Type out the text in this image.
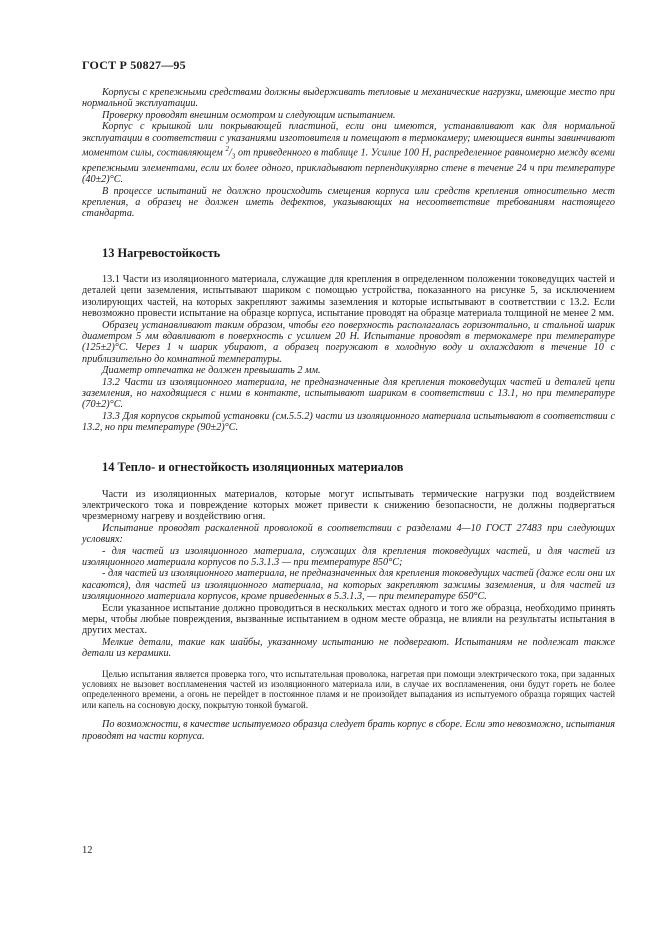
ГОСТ Р 50827—95

Корпусы с крепежными средствами должны выдерживать тепловые и механические нагрузки, имеющие место при нормальной эксплуатации.

Проверку проводят внешним осмотром и следующим испытанием.

Корпус с крышкой или покрывающей пластиной, если они имеются, устанавливают как для нормальной эксплуатации в соответствии с указаниями изготовителя и помещают в термокамеру; имеющиеся винты завинчивают моментом силы, составляющем $^2/_3$ от приведенного в таблице 1. Усилие 100 Н, распределенное равномерно между всеми крепежными элементами, если их более одного, прикладывают перпендикулярно стене в течение 24 ч при температуре (40±2)°С.

В процессе испытаний не должно происходить смещения корпуса или средств крепления относительно мест крепления, а образец не должен иметь дефектов, указывающих на несоответствие требованиям настоящего стандарта.

13 Нагревостойкость

13.1 Части из изоляционного материала, служащие для крепления в определенном положении токоведущих частей и деталей цепи заземления, испытывают шариком с помощью устройства, показанного на рисунке 5, за исключением изолирующих частей, на которых закрепляют зажимы заземления и которые испытывают в соответствии с 13.2. Если невозможно провести испытание на образце корпуса, испытание проводят на образце материала толщиной не менее 2 мм.

Образец устанавливают таким образом, чтобы его поверхность располагалась горизонтально, и стальной шарик диаметром 5 мм вдавливают в поверхность с усилием 20 Н. Испытание проводят в термокамере при температуре (125±2)°С. Через 1 ч шарик убирают, а образец погружают в холодную воду и охлаждают в течение 10 с приблизительно до комнатной температуры.

Диаметр отпечатка не должен превышать 2 мм.

13.2 Части из изоляционного материала, не предназначенные для крепления токоведущих частей и деталей цепи заземления, но находящиеся с ними в контакте, испытывают шариком в соответствии с 13.1, но при температуре (70±2)°С.

13.3 Для корпусов скрытой установки (см.5.5.2) части из изоляционного материала испытывают в соответствии с 13.2, но при температуре (90±2)°С.

14 Тепло- и огнестойкость изоляционных материалов

Части из изоляционных материалов, которые могут испытывать термические нагрузки под воздействием электрического тока и повреждение которых может привести к снижению безопасности, не должны подвергаться чрезмерному нагреву и воздействию огня.

Испытание проводят раскаленной проволокой в соответствии с разделами 4—10 ГОСТ 27483 при следующих условиях:

- для частей из изоляционного материала, служащих для крепления токоведущих частей, и для частей из изоляционного материала корпусов по 5.3.1.3 — при температуре 850°С;

- для частей из изоляционного материала, не предназначенных для крепления токоведущих частей (даже если они их касаются), для частей из изоляционного материала, на которых закрепляют зажимы заземления, и для частей из изоляционного материала корпусов, кроме приведенных в 5.3.1.3, — при температуре 650°С.

Если указанное испытание должно проводиться в нескольких местах одного и того же образца, необходимо принять меры, чтобы любые повреждения, вызванные испытанием в одном месте образца, не влияли на результаты испытания в других местах.

Мелкие детали, такие как шайбы, указанному испытанию не подвергают. Испытаниям не подлежат также детали из керамики.

Целью испытания является проверка того, что испытательная проволока, нагретая при помощи электрического тока, при заданных условиях не вызовет воспламенения частей из изоляционного материала или, в случае их воспламенения, они будут гореть не более определенного времени, а огонь не перейдет в постоянное пламя и не произойдет выпадания из испытуемого образца горящих частей или капель на сосновую доску, покрытую тонкой бумагой.

По возможности, в качестве испытуемого образца следует брать корпус в сборе. Если это невозможно, испытания проводят на части корпуса.

12
